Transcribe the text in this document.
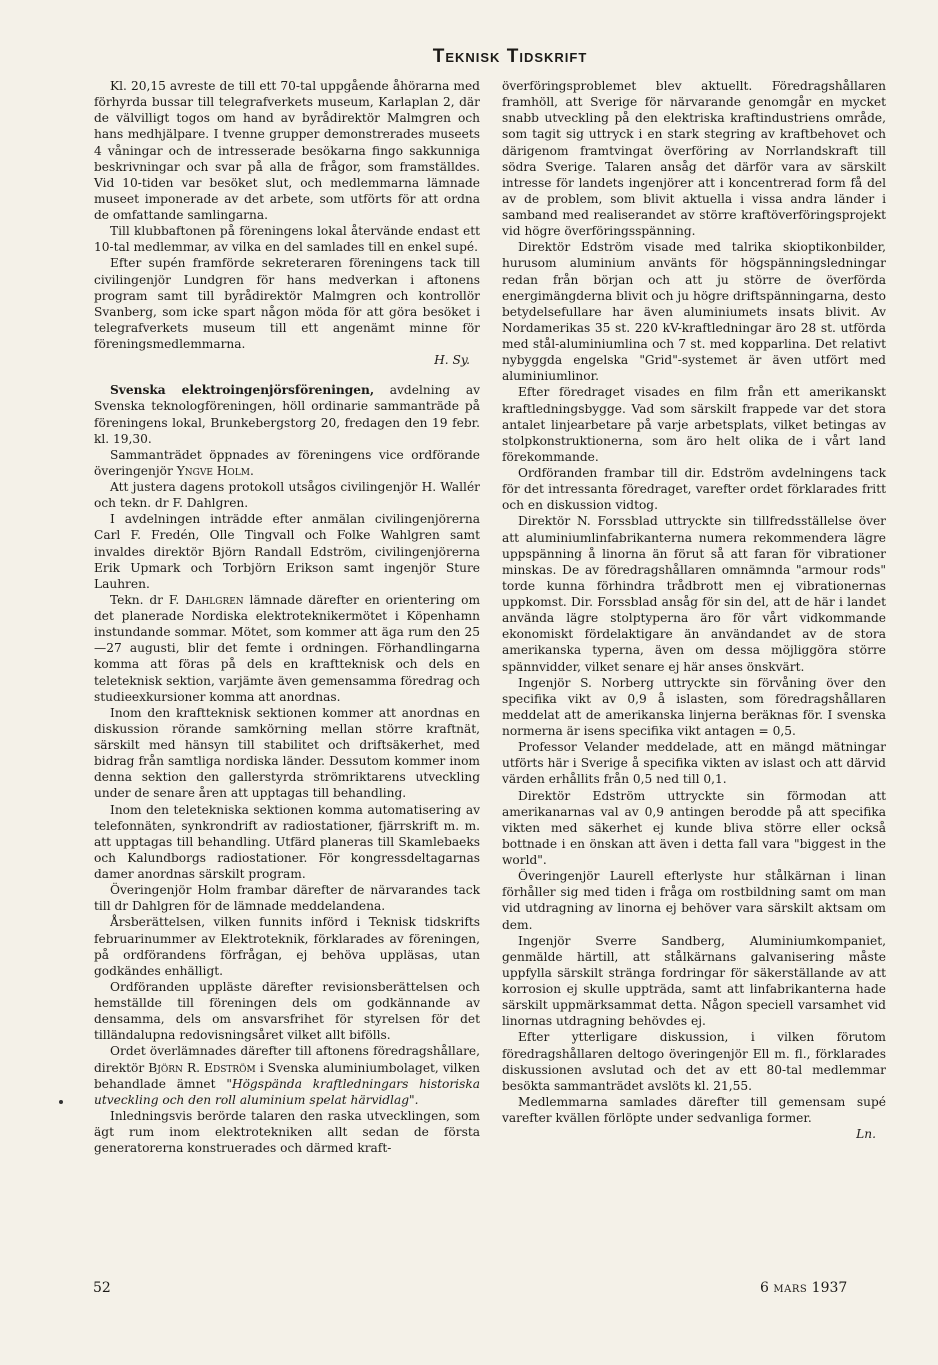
Teknisk Tidskrift

Kl. 20,15 avreste de till ett 70-tal uppgående åhörarna med förhyrda bussar till telegrafverkets museum, Karlaplan 2, där de välvilligt togos om hand av byrådirektör Malmgren och hans medhjälpare. I tvenne grupper demonstrerades museets 4 våningar och de intresserade besökarna fingo sakkunniga beskrivningar och svar på alla de frågor, som framställdes. Vid 10-tiden var besöket slut, och medlemmarna lämnade museet imponerade av det arbete, som utförts för att ordna de omfattande samlingarna.

Till klubbaftonen på föreningens lokal återvände endast ett 10-tal medlemmar, av vilka en del samlades till en enkel supé.

Efter supén framförde sekreteraren föreningens tack till civilingenjör Lundgren för hans medverkan i aftonens program samt till byrådirektör Malmgren och kontrollör Svanberg, som icke spart någon möda för att göra besöket i telegrafverkets museum till ett angenämt minne för föreningsmedlemmarna.

H. Sy.

Svenska elektroingenjörsföreningen, avdelning av Svenska teknologföreningen, höll ordinarie sammanträde på föreningens lokal, Brunkebergstorg 20, fredagen den 19 febr. kl. 19,30.

Sammanträdet öppnades av föreningens vice ordförande överingenjör Yngve Holm.

Att justera dagens protokoll utsågos civilingenjör H. Wallér och tekn. dr F. Dahlgren.

I avdelningen inträdde efter anmälan civilingenjörerna Carl F. Fredén, Olle Tingvall och Folke Wahlgren samt invaldes direktör Björn Randall Edström, civilingenjörerna Erik Upmark och Torbjörn Erikson samt ingenjör Sture Lauhren.

Tekn. dr F. Dahlgren lämnade därefter en orientering om det planerade Nordiska elektroteknikermötet i Köpenhamn instundande sommar. Mötet, som kommer att äga rum den 25—27 augusti, blir det femte i ordningen. Förhandlingarna komma att föras på dels en kraftteknisk och dels en teleteknisk sektion, varjämte även gemensamma föredrag och studieexkursioner komma att anordnas.

Inom den kraftteknisk sektionen kommer att anordnas en diskussion rörande samkörning mellan större kraftnät, särskilt med hänsyn till stabilitet och driftsäkerhet, med bidrag från samtliga nordiska länder. Dessutom kommer inom denna sektion den gallerstyrda strömriktarens utveckling under de senare åren att upptagas till behandling.

Inom den teletekniska sektionen komma automatisering av telefonnäten, synkrondrift av radiostationer, fjärrskrift m. m. att upptagas till behandling. Utfärd planeras till Skamlebaeks och Kalundborgs radiostationer. För kongressdeltagarnas damer anordnas särskilt program.

Överingenjör Holm frambar därefter de närvarandes tack till dr Dahlgren för de lämnade meddelandena.

Årsberättelsen, vilken funnits införd i Teknisk tidskrifts februarinummer av Elektroteknik, förklarades av föreningen, på ordförandens förfrågan, ej behöva uppläsas, utan godkändes enhälligt.

Ordföranden uppläste därefter revisionsberättelsen och hemställde till föreningen dels om godkännande av densamma, dels om ansvarsfrihet för styrelsen för det tilländalupna redovisningsåret vilket allt bifölls.

Ordet överlämnades därefter till aftonens föredragshållare, direktör Björn R. Edström i Svenska aluminiumbolaget, vilken behandlade ämnet "Högspända kraftledningars historiska utveckling och den roll aluminium spelat härvidlag".

Inledningsvis berörde talaren den raska utvecklingen, som ägt rum inom elektrotekniken allt sedan de första generatorerna konstruerades och därmed kraft-

överföringsproblemet blev aktuellt. Föredragshållaren framhöll, att Sverige för närvarande genomgår en mycket snabb utveckling på den elektriska kraftindustriens område, som tagit sig uttryck i en stark stegring av kraftbehovet och därigenom framtvingat överföring av Norrlandskraft till södra Sverige. Talaren ansåg det därför vara av särskilt intresse för landets ingenjörer att i koncentrerad form få del av de problem, som blivit aktuella i vissa andra länder i samband med realiserandet av större kraftöverföringsprojekt vid högre överföringsspänning.

Direktör Edström visade med talrika skioptikonbilder, hurusom aluminium använts för högspänningsledningar redan från början och att ju större de överförda energimängderna blivit och ju högre driftspänningarna, desto betydelsefullare har även aluminiumets insats blivit. Av Nordamerikas 35 st. 220 kV-kraftledningar äro 28 st. utförda med stål-aluminiumlina och 7 st. med kopparlina. Det relativt nybyggda engelska "Grid"-systemet är även utfört med aluminiumlinor.

Efter föredraget visades en film från ett amerikanskt kraftledningsbygge. Vad som särskilt frappede var det stora antalet linjearbetare på varje arbetsplats, vilket betingas av stolpkonstruktionerna, som äro helt olika de i vårt land förekommande.

Ordföranden frambar till dir. Edström avdelningens tack för det intressanta föredraget, varefter ordet förklarades fritt och en diskussion vidtog.

Direktör N. Forssblad uttryckte sin tillfredsställelse över att aluminiumlinfabrikanterna numera rekommendera lägre uppspänning å linorna än förut så att faran för vibrationer minskas. De av föredragshållaren omnämnda "armour rods" torde kunna förhindra trådbrott men ej vibrationernas uppkomst. Dir. Forssblad ansåg för sin del, att de här i landet använda lägre stolptyperna äro för vårt vidkommande ekonomiskt fördelaktigare än användandet av de stora amerikanska typerna, även om dessa möjliggöra större spännvidder, vilket senare ej här anses önskvärt.

Ingenjör S. Norberg uttryckte sin förvåning över den specifika vikt av 0,9 å islasten, som föredragshållaren meddelat att de amerikanska linjerna beräknas för. I svenska normerna är isens specifika vikt antagen = 0,5.

Professor Velander meddelade, att en mängd mätningar utförts här i Sverige å specifika vikten av islast och att därvid värden erhållits från 0,5 ned till 0,1.

Direktör Edström uttryckte sin förmodan att amerikanarnas val av 0,9 antingen berodde på att specifika vikten med säkerhet ej kunde bliva större eller också bottnade i en önskan att även i detta fall vara "biggest in the world".

Överingenjör Laurell efterlyste hur stålkärnan i linan förhåller sig med tiden i fråga om rostbildning samt om man vid utdragning av linorna ej behöver vara särskilt aktsam om dem.

Ingenjör Sverre Sandberg, Aluminiumkompaniet, genmälde härtill, att stålkärnans galvanisering måste uppfylla särskilt stränga fordringar för säkerställande av att korrosion ej skulle uppträda, samt att linfabrikanterna hade särskilt uppmärksammat detta. Någon speciell varsamhet vid linornas utdragning behövdes ej.

Efter ytterligare diskussion, i vilken förutom föredragshållaren deltogo överingenjör Ell m. fl., förklarades diskussionen avslutad och det av ett 80-tal medlemmar besökta sammanträdet avslöts kl. 21,55.

Medlemmarna samlades därefter till gemensam supé varefter kvällen förlöpte under sedvanliga former.

Ln.

52	6 mars 1937
